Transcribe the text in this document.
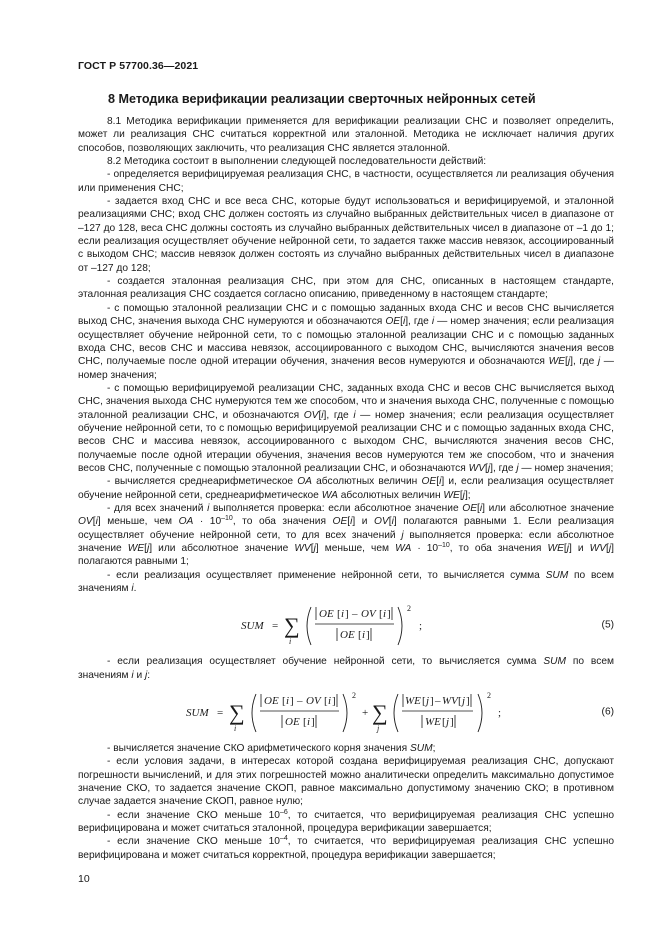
ГОСТ Р 57700.36—2021
8 Методика верификации реализации сверточных нейронных сетей

8.1 Методика верификации применяется для верификации реализации СНС и позволяет определить, может ли реализация СНС считаться корректной или эталонной. Методика не исключает наличия других способов, позволяющих заключить, что реализация СНС является эталонной.

8.2 Методика состоит в выполнении следующей последовательности действий:

- определяется верифицируемая реализация СНС, в частности, осуществляется ли реализация обучения или применения СНС;

- задается вход СНС и все веса СНС, которые будут использоваться и верифицируемой, и эталонной реализациями СНС; вход СНС должен состоять из случайно выбранных действительных чисел в диапазоне от –127 до 128, веса СНС должны состоять из случайно выбранных действительных чисел в диапазоне от –1 до 1; если реализация осуществляет обучение нейронной сети, то задается также массив невязок, ассоциированный с выходом СНС; массив невязок должен состоять из случайно выбранных действительных чисел в диапазоне от –127 до 128;

- создается эталонная реализация СНС, при этом для СНС, описанных в настоящем стандарте, эталонная реализация СНС создается согласно описанию, приведенному в настоящем стандарте;

- с помощью эталонной реализации СНС и с помощью заданных входа СНС и весов СНС вычисляется выход СНС, значения выхода СНС нумеруются и обозначаются OE[i], где i — номер значения; если реализация осуществляет обучение нейронной сети, то с помощью эталонной реализации СНС и с помощью заданных входа СНС, весов СНС и массива невязок, ассоциированного с выходом СНС, вычисляются значения весов СНС, получаемые после одной итерации обучения, значения весов нумеруются и обозначаются WE[j], где j — номер значения;

- с помощью верифицируемой реализации СНС, заданных входа СНС и весов СНС вычисляется выход СНС, значения выхода СНС нумеруются тем же способом, что и значения выхода СНС, полученные с помощью эталонной реализации СНС, и обозначаются OV[i], где i — номер значения; если реализация осуществляет обучение нейронной сети, то с помощью верифицируемой реализации СНС и с помощью заданных входа СНС, весов СНС и массива невязок, ассоциированного с выходом СНС, вычисляются значения весов СНС, получаемые после одной итерации обучения, значения весов нумеруются тем же способом, что и значения весов СНС, полученные с помощью эталонной реализации СНС, и обозначаются WV[j], где j — номер значения;

- вычисляется среднеарифметическое OA абсолютных величин OE[i] и, если реализация осуществляет обучение нейронной сети, среднеарифметическое WA абсолютных величин WE[j];

- для всех значений i выполняется проверка: если абсолютное значение OE[i] или абсолютное значение OV[i] меньше, чем OA · $10^{-10}$, то оба значения OE[i] и OV[i] полагаются равными 1. Если реализация осуществляет обучение нейронной сети, то для всех значений j выполняется проверка: если абсолютное значение WE[j] или абсолютное значение WV[j] меньше, чем WA · $10^{-10}$, то оба значения WE[j] и WV[j] полагаются равными 1;

- если реализация осуществляет применение нейронной сети, то вычисляется сумма SUM по всем значениям i.

SUM = ∑
i
OE [ i ] – OV [ i ]
OE [ i ]
2
;	(5)

- если реализация осуществляет обучение нейронной сети, то вычисляется сумма SUM по всем значениям i и j:

SUM = ∑
i
OE [ i ] – OV [ i ]
OE [ i ]
2
+ ∑
j
WE [ j ] – WV [ j ]
WE [ j ]
2
;	(6)

- вычисляется значение СКО арифметического корня значения SUM;

- если условия задачи, в интересах которой создана верифицируемая реализация СНС, допускают погрешности вычислений, и для этих погрешностей можно аналитически определить максимально допустимое значение СКО, то задается значение СКОП, равное максимально допустимому значению СКО; в противном случае задается значение СКОП, равное нулю;

- если значение СКО меньше $10^{-6}$, то считается, что верифицируемая реализация СНС успешно верифицирована и может считаться эталонной, процедура верификации завершается;

- если значение СКО меньше $10^{-4}$, то считается, что верифицируемая реализация СНС успешно верифицирована и может считаться корректной, процедура верификации завершается;

10
